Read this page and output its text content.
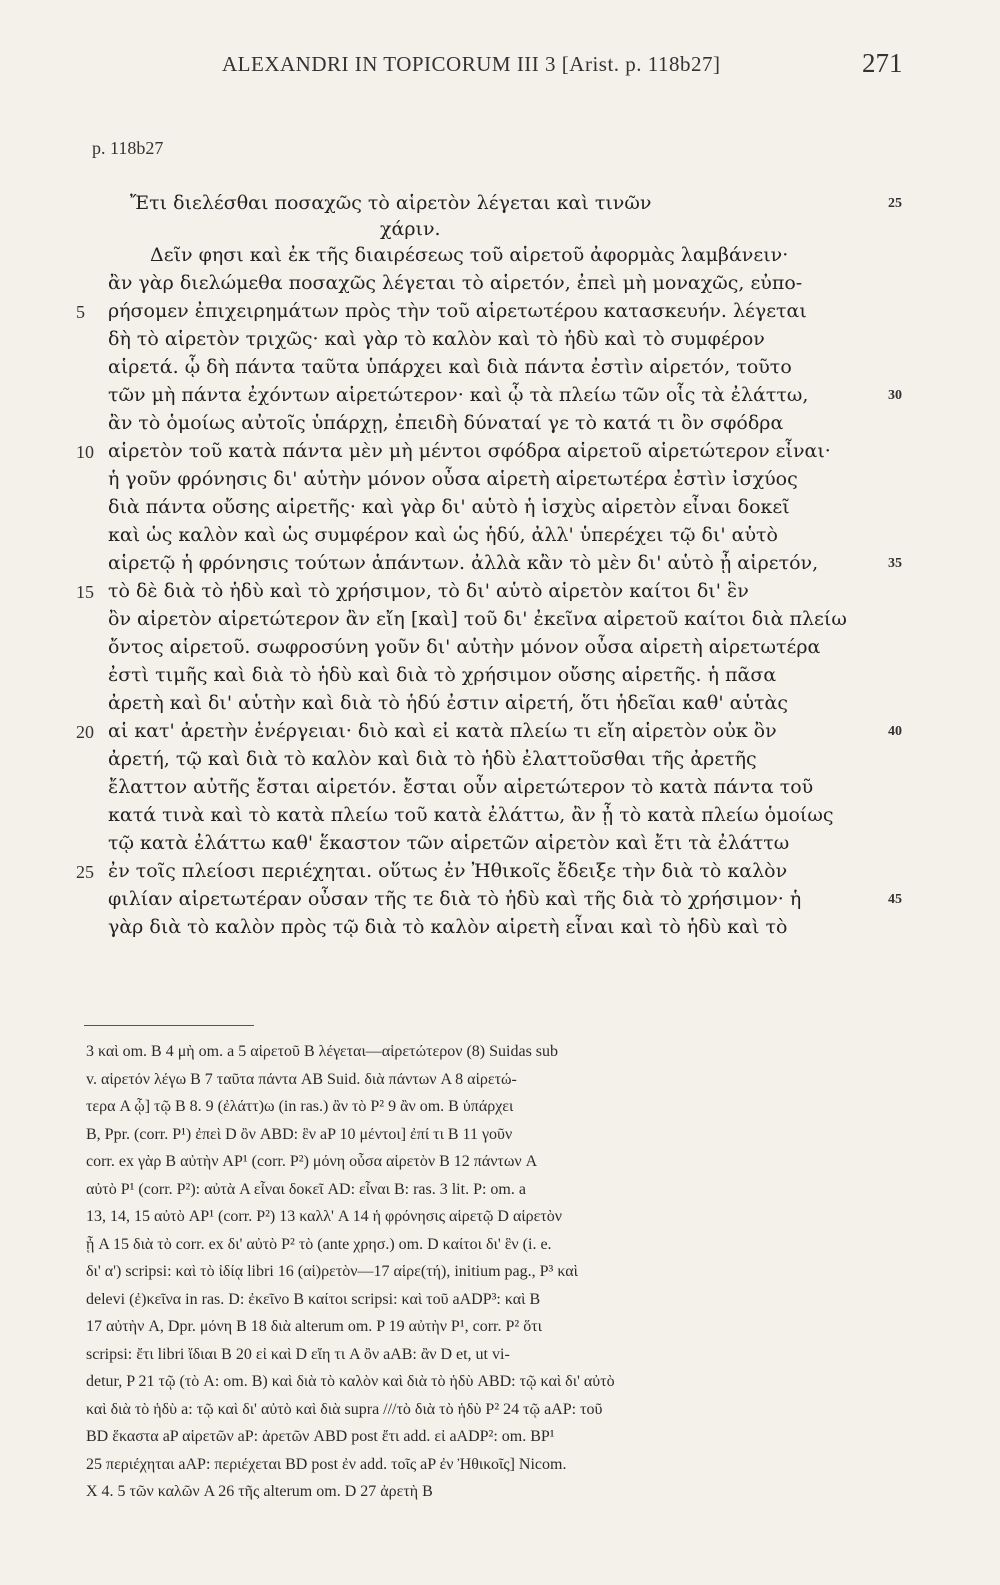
ALEXANDRI IN TOPICORUM III 3 [Arist. p. 118b27]	271
p. 118b27
Ἔτι διελέσθαι ποσαχῶς τὸ αἱρετὸν λέγεται καὶ τινῶν	25
χάριν.
Δεῖν φησι καὶ ἐκ τῆς διαιρέσεως τοῦ αἱρετοῦ ἀφορμὰς λαμβάνειν·
ἂν γὰρ διελώμεθα ποσαχῶς λέγεται τὸ αἱρετόν, ἐπεὶ μὴ μοναχῶς, εὐπο-
ρήσομεν ἐπιχειρημάτων πρὸς τὴν τοῦ αἱρετωτέρου κατασκευήν. λέγεται
5
δὴ τὸ αἱρετὸν τριχῶς· καὶ γὰρ τὸ καλὸν καὶ τὸ ἡδὺ καὶ τὸ συμφέρον
αἱρετά. ᾧ δὴ πάντα ταῦτα ὑπάρχει καὶ διὰ πάντα ἐστὶν αἱρετόν, τοῦτο
τῶν μὴ πάντα ἐχόντων αἱρετώτερον· καὶ ᾧ τὰ πλείω τῶν οἷς τὰ ἐλάττω,	30
ἂν τὸ ὁμοίως αὐτοῖς ὑπάρχῃ, ἐπειδὴ δύναταί γε τὸ κατά τι ὂν σφόδρα
αἱρετὸν τοῦ κατὰ πάντα μὲν μὴ μέντοι σφόδρα αἱρετοῦ αἱρετώτερον εἶναι·
10
ἡ γοῦν φρόνησις δι' αὑτὴν μόνον οὖσα αἱρετὴ αἱρετωτέρα ἐστὶν ἰσχύος
διὰ πάντα οὔσης αἱρετῆς· καὶ γὰρ δι' αὑτὸ ἡ ἰσχὺς αἱρετὸν εἶναι δοκεῖ
καὶ ὡς καλὸν καὶ ὡς συμφέρον καὶ ὡς ἡδύ, ἀλλ' ὑπερέχει τῷ δι' αὑτὸ
αἱρετῷ ἡ φρόνησις τούτων ἁπάντων. ἀλλὰ κἂν τὸ μὲν δι' αὑτὸ ᾖ αἱρετόν,	35
τὸ δὲ διὰ τὸ ἡδὺ καὶ τὸ χρήσιμον, τὸ δι' αὑτὸ αἱρετὸν καίτοι δι' ἓν
15
ὂν αἱρετὸν αἱρετώτερον ἂν εἴη [καὶ] τοῦ δι' ἐκεῖνα αἱρετοῦ καίτοι διὰ πλείω
ὄντος αἱρετοῦ. σωφροσύνη γοῦν δι' αὑτὴν μόνον οὖσα αἱρετὴ αἱρετωτέρα
ἐστὶ τιμῆς καὶ διὰ τὸ ἡδὺ καὶ διὰ τὸ χρήσιμον οὔσης αἱρετῆς. ἡ πᾶσα
ἀρετὴ καὶ δι' αὑτὴν καὶ διὰ τὸ ἡδύ ἐστιν αἱρετή, ὅτι ἡδεῖαι καθ' αὑτὰς
αἱ κατ' ἀρετὴν ἐνέργειαι· διὸ καὶ εἰ κατὰ πλείω τι εἴη αἱρετὸν οὐκ ὂν
20	40
ἀρετή, τῷ καὶ διὰ τὸ καλὸν καὶ διὰ τὸ ἡδὺ ἐλαττοῦσθαι τῆς ἀρετῆς
ἔλαττον αὐτῆς ἔσται αἱρετόν. ἔσται οὖν αἱρετώτερον τὸ κατὰ πάντα τοῦ
κατά τινὰ καὶ τὸ κατὰ πλείω τοῦ κατὰ ἐλάττω, ἂν ᾖ τὸ κατὰ πλείω ὁμοίως
τῷ κατὰ ἐλάττω καθ' ἕκαστον τῶν αἱρετῶν αἱρετὸν καὶ ἔτι τὰ ἐλάττω
ἐν τοῖς πλείοσι περιέχηται. οὕτως ἐν Ἠθικοῖς ἔδειξε τὴν διὰ τὸ καλὸν
25
φιλίαν αἱρετωτέραν οὖσαν τῆς τε διὰ τὸ ἡδὺ καὶ τῆς διὰ τὸ χρήσιμον· ἡ	45
γὰρ διὰ τὸ καλὸν πρὸς τῷ διὰ τὸ καλὸν αἱρετὴ εἶναι καὶ τὸ ἡδὺ καὶ τὸ
3 καὶ om. B 4 μὴ om. a 5 αἱρετοῦ B λέγεται—αἱρετώτερον (8) Suidas sub
v. αἱρετόν λέγω B 7 ταῦτα πάντα AB Suid. διὰ πάντων A 8 αἱρετώ-
τερα A ᾧ] τῷ B 8. 9 (ἐλάττ)ω (in ras.) ἂν τὸ P² 9 ἂν om. B ὑπάρχει
B, Ppr. (corr. P¹) ἐπεὶ D ὂν ABD: ἓν aP 10 μέντοι] ἐπί τι B 11 γοῦν
corr. ex γὰρ B αὐτὴν AP¹ (corr. P²) μόνη οὖσα αἱρετὸν B 12 πάντων A
αὐτὸ P¹ (corr. P²): αὐτὰ A εἶναι δοκεῖ AD: εἶναι B: ras. 3 lit. P: om. a
13, 14, 15 αὐτὸ AP¹ (corr. P²) 13 καλλ' A 14 ἡ φρόνησις αἱρετῷ D αἱρετὸν
ᾖ A 15 διὰ τὸ corr. ex δι' αὐτὸ P² τὸ (ante χρησ.) om. D καίτοι δι' ἓν (i. e.
δι' α') scripsi: καὶ τὸ ἰδίᾳ libri 16 (αἱ)ρετὸν—17 αἱρε(τή), initium pag., P³ καὶ
delevi (ἐ)κεῖνα in ras. D: ἐκεῖνο B καίτοι scripsi: καὶ τοῦ aADP³: καὶ B
17 αὐτὴν A, Dpr. μόνη B 18 διὰ alterum om. P 19 αὐτὴν P¹, corr. P² ὅτι
scripsi: ἔτι libri ἴδιαι B 20 εἰ καὶ D εἴη τι A ὂν aAB: ἂν D et, ut vi-
detur, P 21 τῷ (τὸ A: om. B) καὶ διὰ τὸ καλὸν καὶ διὰ τὸ ἡδὺ ABD: τῷ καὶ δι' αὐτὸ
καὶ διὰ τὸ ἡδὺ a: τῷ καὶ δι' αὐτὸ καὶ διὰ supra ///τὸ διὰ τὸ ἡδὺ P² 24 τῷ aAP: τοῦ
BD ἕκαστα aP αἱρετῶν aP: ἀρετῶν ABD post ἔτι add. εἰ aADP²: om. BP¹
25 περιέχηται aAP: περιέχεται BD post ἐν add. τοῖς aP ἐν Ἠθικοῖς] Nicom.
X 4. 5 τῶν καλῶν A 26 τῆς alterum om. D 27 ἀρετὴ B
